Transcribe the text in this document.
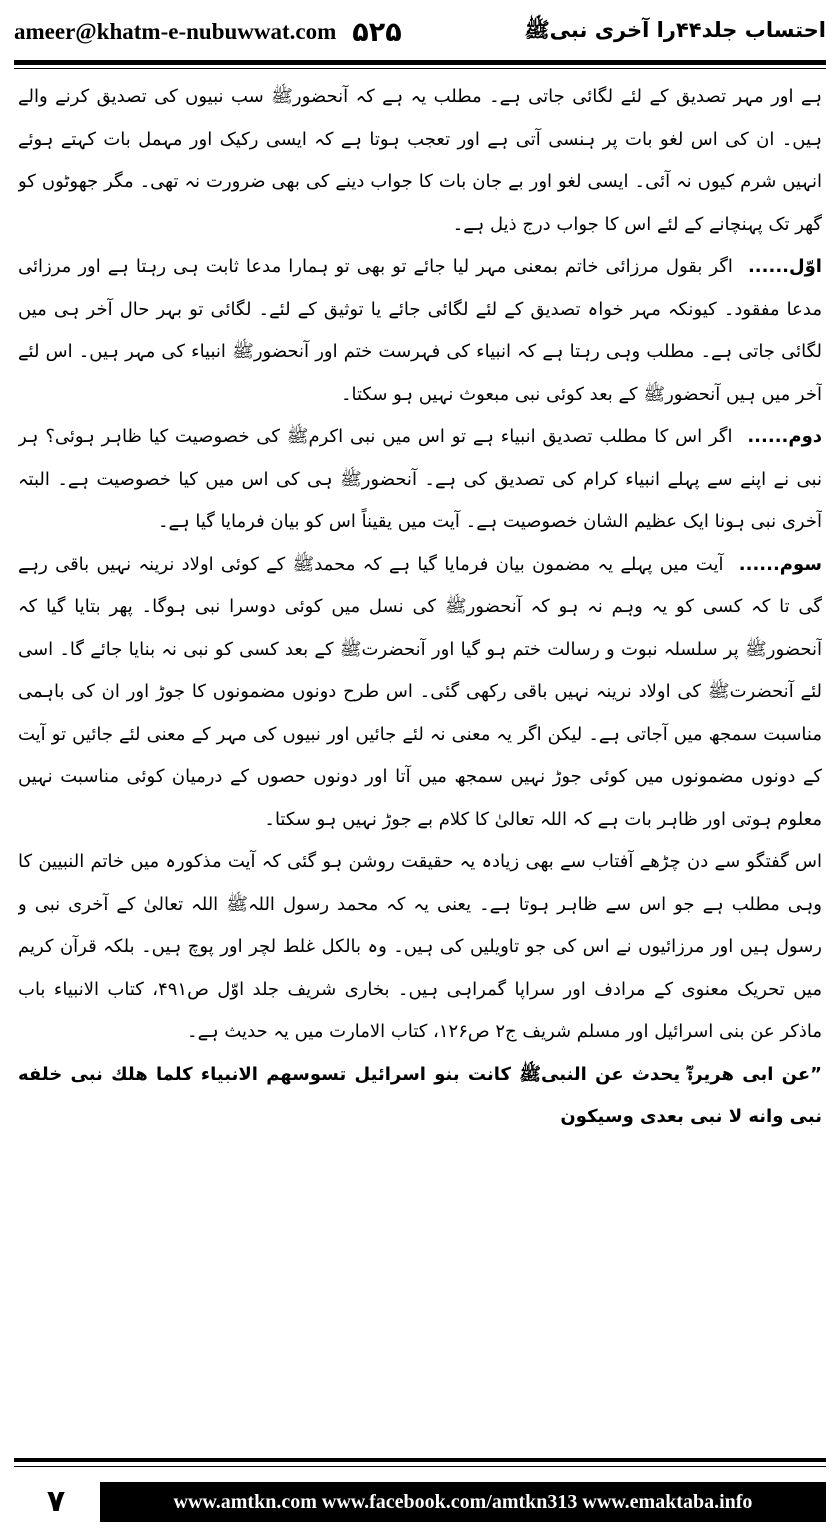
ameer@khatm-e-nubuwwat.com ۵۲۵	احتساب جلد۴۴را آخری نبیﷺ

ہے اور مہر تصدیق کے لئے لگائی جاتی ہے۔ مطلب یہ ہے کہ آنحضورﷺ سب نبیوں کی تصدیق کرنے والے ہیں۔ ان کی اس لغو بات پر ہنسی آتی ہے اور تعجب ہوتا ہے کہ ایسی رکیک اور مہمل بات کہتے ہوئے انہیں شرم کیوں نہ آئی۔ ایسی لغو اور بے جان بات کا جواب دینے کی بھی ضرورت نہ تھی۔ مگر جھوٹوں کو گھر تک پہنچانے کے لئے اس کا جواب درج ذیل ہے۔

اوّل...... اگر بقول مرزائی خاتم بمعنی مہر لیا جائے تو بھی تو ہمارا مدعا ثابت ہی رہتا ہے اور مرزائی مدعا مفقود۔ کیونکہ مہر خواہ تصدیق کے لئے لگائی جائے یا توثیق کے لئے۔ لگائی تو بہر حال آخر ہی میں لگائی جاتی ہے۔ مطلب وہی رہتا ہے کہ انبیاء کی فہرست ختم اور آنحضورﷺ انبیاء کی مہر ہیں۔ اس لئے آخر میں ہیں آنحضورﷺ کے بعد کوئی نبی مبعوث نہیں ہو سکتا۔

دوم...... اگر اس کا مطلب تصدیق انبیاء ہے تو اس میں نبی اکرمﷺ کی خصوصیت کیا ظاہر ہوئی؟ ہر نبی نے اپنے سے پہلے انبیاء کرام کی تصدیق کی ہے۔ آنحضورﷺ ہی کی اس میں کیا خصوصیت ہے۔ البتہ آخری نبی ہونا ایک عظیم الشان خصوصیت ہے۔ آیت میں یقیناً اس کو بیان فرمایا گیا ہے۔

سوم...... آیت میں پہلے یہ مضمون بیان فرمایا گیا ہے کہ محمدﷺ کے کوئی اولاد نرینہ نہیں باقی رہے گی تا کہ کسی کو یہ وہم نہ ہو کہ آنحضورﷺ کی نسل میں کوئی دوسرا نبی ہوگا۔ پھر بتایا گیا کہ آنحضورﷺ پر سلسلہ نبوت و رسالت ختم ہو گیا اور آنحضرتﷺ کے بعد کسی کو نبی نہ بنایا جائے گا۔ اسی لئے آنحضرتﷺ کی اولاد نرینہ نہیں باقی رکھی گئی۔ اس طرح دونوں مضمونوں کا جوڑ اور ان کی باہمی مناسبت سمجھ میں آجاتی ہے۔ لیکن اگر یہ معنی نہ لئے جائیں اور نبیوں کی مہر کے معنی لئے جائیں تو آیت کے دونوں مضمونوں میں کوئی جوڑ نہیں سمجھ میں آتا اور دونوں حصوں کے درمیان کوئی مناسبت نہیں معلوم ہوتی اور ظاہر بات ہے کہ اللہ تعالیٰ کا کلام بے جوڑ نہیں ہو سکتا۔

اس گفتگو سے دن چڑھے آفتاب سے بھی زیادہ یہ حقیقت روشن ہو گئی کہ آیت مذکورہ میں خاتم النبیین کا وہی مطلب ہے جو اس سے ظاہر ہوتا ہے۔ یعنی یہ کہ محمد رسول اللہﷺ اللہ تعالیٰ کے آخری نبی و رسول ہیں اور مرزائیوں نے اس کی جو تاویلیں کی ہیں۔ وہ بالکل غلط لچر اور پوچ ہیں۔ بلکہ قرآن کریم میں تحریک معنوی کے مرادف اور سراپا گمراہی ہیں۔ بخاری شریف جلد اوّل ص۴۹۱، کتاب الانبیاء باب ماذکر عن بنی اسرائیل اور مسلم شریف ج۲ ص۱۲۶، کتاب الامارت میں یہ حدیث ہے۔

”عن ابی هريرةؓ يحدث عن النبیﷺ كانت بنو اسرائيل تسوسهم الانبياء كلما هلك نبی خلفه نبی وانه لا نبی بعدی وسيكون

۷	www.amtkn.com www.facebook.com/amtkn313 www.emaktaba.info
